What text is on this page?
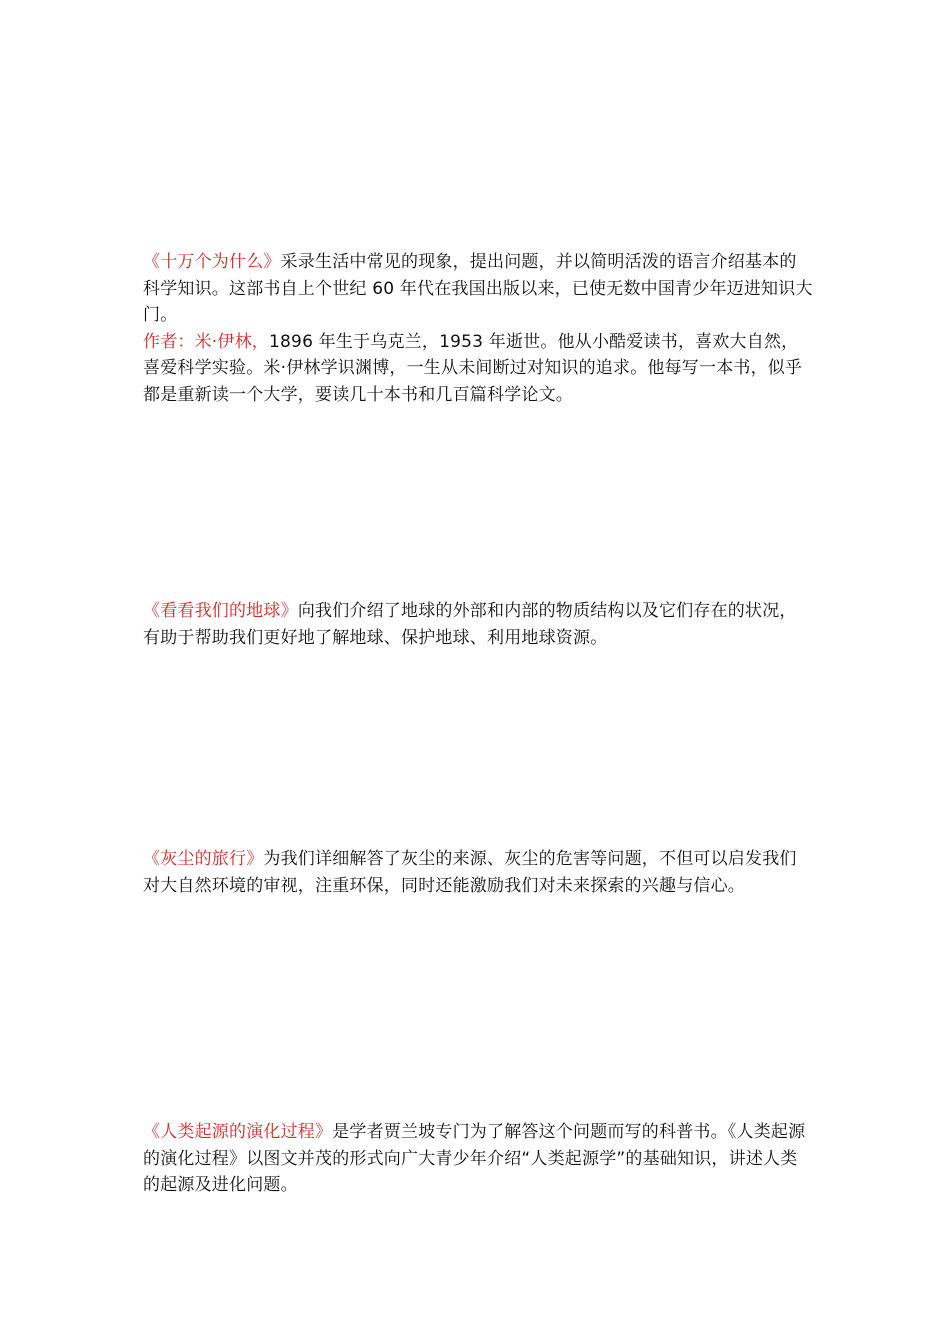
《十万个为什么》采录生活中常见的现象，提出问题，并以简明活泼的语言介绍基本的科学知识。这部书自上个世纪 60 年代在我国出版以来，已使无数中国青少年迈进知识大门。

作者：米·伊林，1896 年生于乌克兰，1953 年逝世。他从小酷爱读书，喜欢大自然，喜爱科学实验。米·伊林学识渊博，一生从未间断过对知识的追求。他每写一本书，似乎都是重新读一个大学，要读几十本书和几百篇科学论文。

《看看我们的地球》向我们介绍了地球的外部和内部的物质结构以及它们存在的状况，有助于帮助我们更好地了解地球、保护地球、利用地球资源。

《灰尘的旅行》为我们详细解答了灰尘的来源、灰尘的危害等问题，不但可以启发我们对大自然环境的审视，注重环保，同时还能激励我们对未来探索的兴趣与信心。

《人类起源的演化过程》是学者贾兰坡专门为了解答这个问题而写的科普书。《人类起源的演化过程》以图文并茂的形式向广大青少年介绍“人类起源学”的基础知识，讲述人类的起源及进化问题。
